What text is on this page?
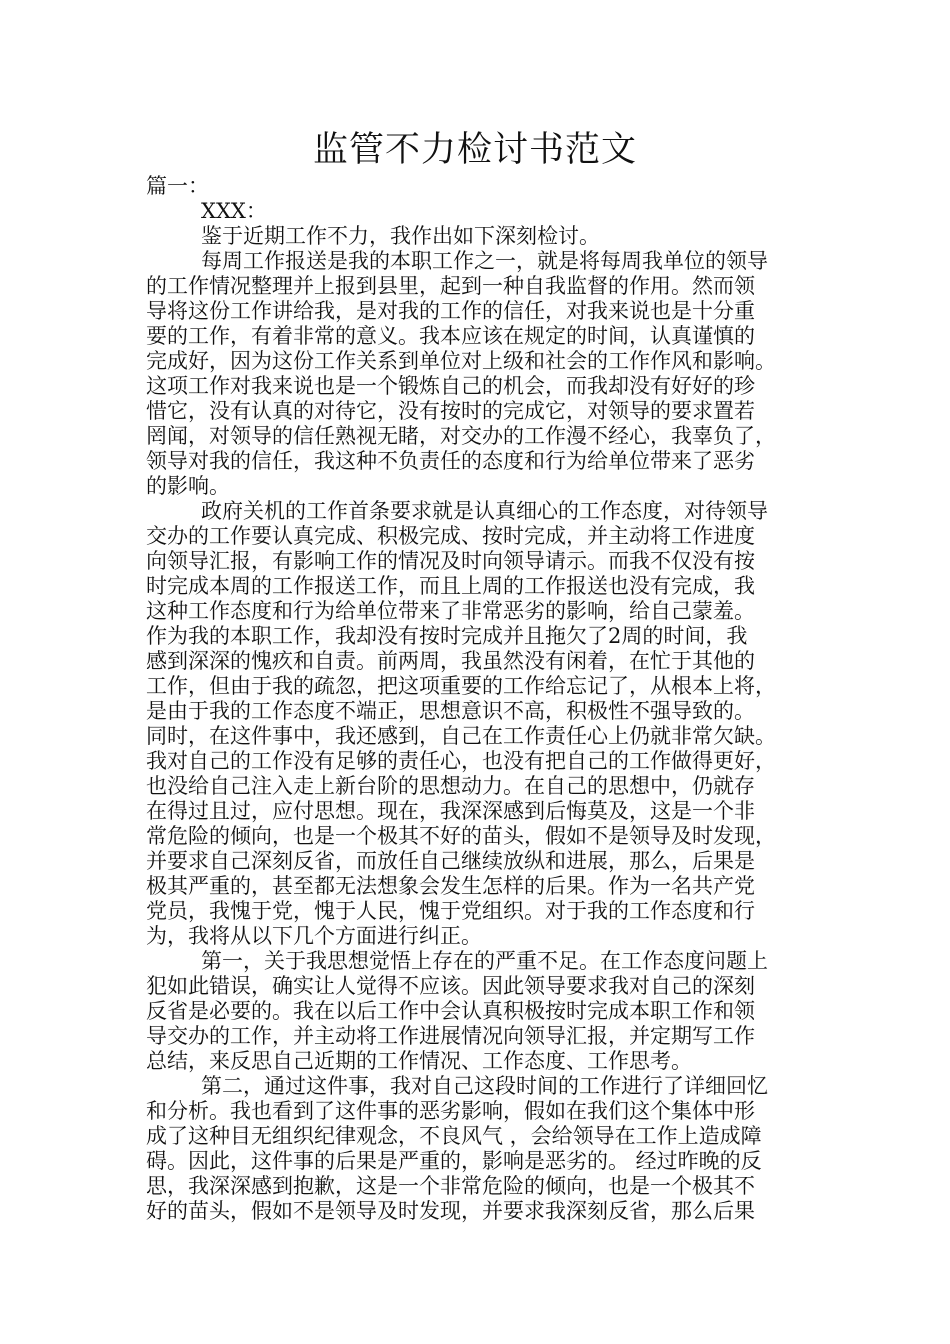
监管不力检讨书范文
篇一：
XXX：
鉴于近期工作不力，我作出如下深刻检讨。
每周工作报送是我的本职工作之一，就是将每周我单位的领导
的工作情况整理并上报到县里，起到一种自我监督的作用。然而领
导将这份工作讲给我，是对我的工作的信任，对我来说也是十分重
要的工作，有着非常的意义。我本应该在规定的时间，认真谨慎的
完成好，因为这份工作关系到单位对上级和社会的工作作风和影响。
这项工作对我来说也是一个锻炼自己的机会，而我却没有好好的珍
惜它，没有认真的对待它，没有按时的完成它，对领导的要求置若
罔闻，对领导的信任熟视无睹，对交办的工作漫不经心，我辜负了，
领导对我的信任，我这种不负责任的态度和行为给单位带来了恶劣
的影响。
政府关机的工作首条要求就是认真细心的工作态度，对待领导
交办的工作要认真完成、积极完成、按时完成，并主动将工作进度
向领导汇报，有影响工作的情况及时向领导请示。而我不仅没有按
时完成本周的工作报送工作，而且上周的工作报送也没有完成，我
这种工作态度和行为给单位带来了非常恶劣的影响，给自己蒙羞。
作为我的本职工作，我却没有按时完成并且拖欠了2周的时间，我
感到深深的愧疚和自责。前两周，我虽然没有闲着，在忙于其他的
工作，但由于我的疏忽，把这项重要的工作给忘记了，从根本上将，
是由于我的工作态度不端正，思想意识不高，积极性不强导致的。
同时，在这件事中，我还感到，自己在工作责任心上仍就非常欠缺。
我对自己的工作没有足够的责任心，也没有把自己的工作做得更好，
也没给自己注入走上新台阶的思想动力。在自己的思想中，仍就存
在得过且过，应付思想。现在，我深深感到后悔莫及，这是一个非
常危险的倾向，也是一个极其不好的苗头，假如不是领导及时发现，
并要求自己深刻反省，而放任自己继续放纵和进展，那么，后果是
极其严重的，甚至都无法想象会发生怎样的后果。作为一名共产党
党员，我愧于党，愧于人民，愧于党组织。对于我的工作态度和行
为，我将从以下几个方面进行纠正。
第一，关于我思想觉悟上存在的严重不足。在工作态度问题上
犯如此错误，确实让人觉得不应该。因此领导要求我对自己的深刻
反省是必要的。我在以后工作中会认真积极按时完成本职工作和领
导交办的工作，并主动将工作进展情况向领导汇报，并定期写工作
总结，来反思自己近期的工作情况、工作态度、工作思考。
第二，通过这件事，我对自己这段时间的工作进行了详细回忆
和分析。我也看到了这件事的恶劣影响，假如在我们这个集体中形
成了这种目无组织纪律观念，不良风气 ，会给领导在工作上造成障
碍。因此，这件事的后果是严重的，影响是恶劣的。 经过昨晚的反
思，我深深感到抱歉，这是一个非常危险的倾向，也是一个极其不
好的苗头，假如不是领导及时发现，并要求我深刻反省，那么后果
